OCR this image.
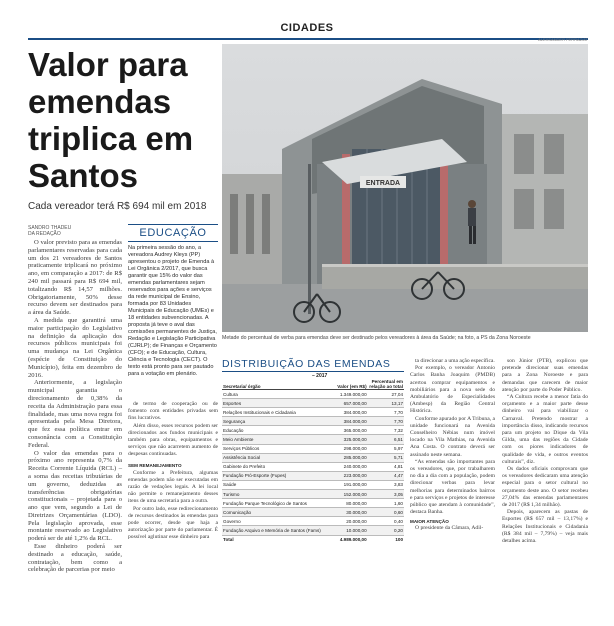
CIDADES
Valor para emendas triplica em Santos
Cada vereador terá R$ 694 mil em 2018
SANDRO THADEU
DA REDAÇÃO

O valor previsto para as emendas parlamentares reservadas para cada um dos 21 vereadores de Santos praticamente triplicará no próximo ano, em comparação a 2017: de R$ 240 mil passará para R$ 694 mil, totalizando R$ 14,57 milhões. Obrigatoriamente, 50% desse recurso devem ser destinados para a área da Saúde.

A medida que garantirá uma maior participação do Legislativo na definição da aplicação dos recursos públicos municipais foi uma mudança na Lei Orgânica (espécie de Constituição do Município), feita em dezembro de 2016.

Anteriormente, a legislação municipal garantia o direcionamento de 0,38% da receita da Administração para essa finalidade, mas uma nova regra foi apresentada pela Mesa Diretora, que fez essa política entrar em consonância com a Constituição Federal.

O valor das emendas para o próximo ano representa 0,7% da Receita Corrente Líquida (RCL) – a soma das receitas tributárias de um governo, deduzidas as transferências obrigatórias constitucionais – projetada para o ano que vem, segundo a Lei de Diretrizes Orçamentárias (LDO). Pela legislação aprovada, esse montante reservado ao Legislativo poderá ser de até 1,2% da RCL.

Esse dinheiro poderá ser destinado a educação, saúde, contratação, bem como a celebração de parcerias por meio

EDUCAÇÃO

Na primeira sessão do ano, a vereadora Audrey Kleys (PP) apresentou o projeto de Emenda à Lei Orgânica 2/2017, que busca garantir que 15% do valor das emendas parlamentares sejam reservados para ações e serviços da rede municipal de Ensino, formada por 83 Unidades Municipais de Educação (UMEs) e 18 entidades subvencionadas. A proposta já teve o aval das comissões permanentes de Justiça, Redação e Legislação Participativa (CJRLP); de Finanças e Orçamento (CFO); e de Educação, Cultura, Ciência e Tecnologia (CECT). O texto está pronto para ser pautado para a votação em plenário.

ENTRADA
ALEXSANDER FERRAZ/AT
Metade do percentual de verba para emendas deve ser destinado pelos vereadores à área da Saúde; na foto, a PS da Zona Noroeste

de termo de cooperação ou de fomento com entidades privadas sem fins lucrativos.

Além disso, esses recursos podem ser direcionados aos fundos municipais e também para obras, equipamentos e serviços que não acarretem aumento de despesas continuadas.

SEM REMANEJAMENTO

Conforme a Prefeitura, algumas emendas podem não ser executadas em razão de vedações legais. A lei local não permite o remanejamento desses itens de uma secretaria para a outra.

Por outro lado, esse redirecionamento de recursos destinados às emendas para pode ocorrer, desde que haja a autorização por parte do parlamentar. É possível aglutinar esse dinheiro para

DISTRIBUIÇÃO DAS EMENDAS
– 2017
Secretaria/ órgão	Valor (em R$)	Percentual em relação ao total
Cultura	1.349.000,00	27,04
Esportes	657.000,00	13,17
Relações Institucionais e Cidadania	384.000,00	7,70
Segurança	384.000,00	7,70
Educação	365.000,00	7,32
Meio Ambiente	325.000,00	6,51
Serviços Públicos	298.000,00	5,97
Assistência Social	285.000,00	5,71
Gabinete do Prefeito	240.000,00	4,81
Fundação Pró-Esporte (Fupes)	223.000,00	4,47
Saúde	191.000,00	3,83
Turismo	152.000,00	3,05
Fundação Parque Tecnológico de Santos	80.000,00	1,60
Comunicação	30.000,00	0,60
Governo	20.000,00	0,40
Fundação Arquivo e Memória de Santos (Fams)	10.000,00	0,20
Total	4.989.000,00	100

ta direcionar a uma ação específica.

Por exemplo, o vereador Antonio Carlos Banha Joaquim (PMDB) acertou comprar equipamentos e mobiliários para a nova sede do Ambulatório de Especialidades (Ambesp) da Região Central Histórica.

Conforme apurado por A Tribuna, a unidade funcionará na Avenida Conselheiro Nébias num imóvel locado na Vila Mathias, na Avenida Ana Costa. O contrato deverá ser assinado neste semana.

“As emendas são importantes para os vereadores, que, por trabalharem no dia a dia com a população, podem direcionar verbas para levar melhorias para determinados bairros e para serviços e projetos de interesse público que atendam à comunidade”, destaca Banha.

MAIOR ATENÇÃO

O presidente da Câmara, Adil-

son Júnior (PTB), explicou que pretende direcionar suas emendas para a Zona Noroeste e para demandas que carecem de maior atenção por parte do Poder Público.

“A Cultura recebe a menor fatia do orçamento e a maior parte desse dinheiro vai para viabilizar o Carnaval. Pretendo mostrar a importância disso, indicando recursos para um projeto no Dique da Vila Gilda, uma das regiões da Cidade com os piores indicadores de qualidade de vida, e outros eventos culturais”, diz.

Os dados oficiais comprovam que os vereadores dedicaram uma atenção especial para o setor cultural no orçamento deste ano. O setor recebeu 27,04% das emendas parlamentares de 2017 (R$ 1,34 milhão).

Depois, aparecem as pastas de Esportes (R$ 657 mil – 13,17%) e Relações Institucionais e Cidadania (R$ 384 mil – 7,79%) – veja mais detalhes acima.
